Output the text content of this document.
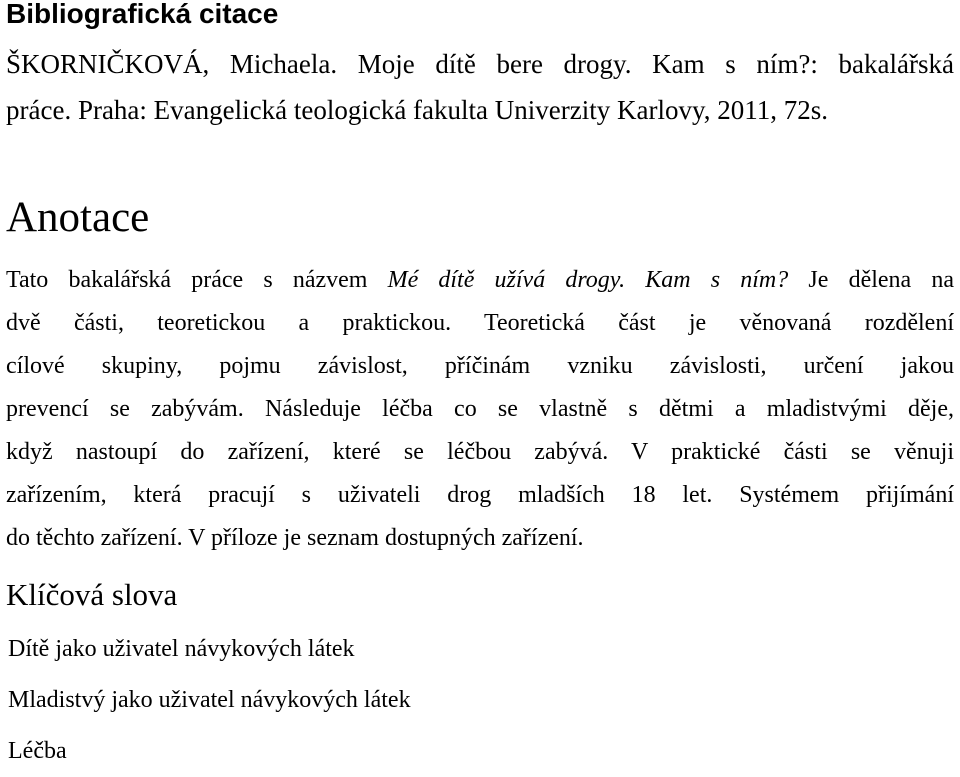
Bibliografická citace
ŠKORNIČKOVÁ, Michaela. Moje dítě bere drogy. Kam s ním?: bakalářská
práce. Praha: Evangelická teologická fakulta Univerzity Karlovy, 2011, 72s.
Anotace
Tato bakalářská práce s názvem Mé dítě užívá drogy. Kam s ním? Je dělena na
dvě části, teoretickou a praktickou. Teoretická část je věnovaná rozdělení
cílové skupiny, pojmu závislost, příčinám vzniku závislosti, určení jakou
prevencí se zabývám. Následuje léčba co se vlastně s dětmi a mladistvými děje,
když nastoupí do zařízení, které se léčbou zabývá. V praktické části se věnuji
zařízením, která pracují s uživateli drog mladších 18 let. Systémem přijímání
do těchto zařízení. V příloze je seznam dostupných zařízení.
Klíčová slova
Dítě jako uživatel návykových látek
Mladistvý jako uživatel návykových látek
Léčba
